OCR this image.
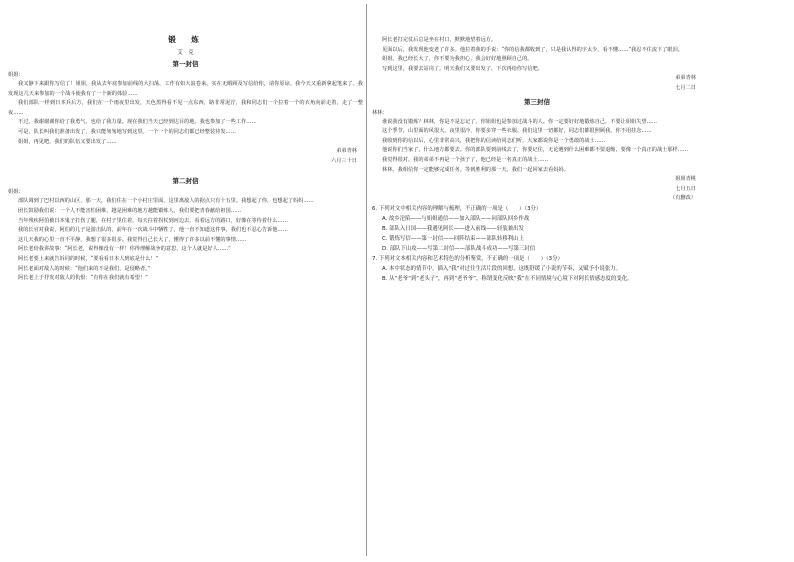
锻　炼
艾　克
第一封信
姐姐：

我又静下来跟你写信了！姐姐，我从去年底参加前线的大扫荡，工作有如大浪卷来，实在无暇顾及写信给你，请你原谅。我今天又重新拿起笔来了。我发现这几天来参加的一个战斗使我有了一个新的体验……

我们部队一样到日本兵后方，我们在一个雨夜里出发，天色黑得看不见一点东西，路非常泥泞，我和同志们一个拉着一个的衣角向前走着，走了一整夜……

不过，我谢谢谢你给了我勇气，也给了我力量。现在我们当天已经到达目的地，我也参加了一些工作……

可是，队长叫我们准备出发了，我只能匆匆地写到这里。一个一个的同志们都已经整装待发……

姐姐，再见吧，我们的队伍又要出发了……

弟弟青林
六月三十日
第二封信
姐姐：

部队调到了巴村以西的山区，那一天，我们住在一个小村庄里面，这里离敌人的据点只有十五里。我想起了你，也想起了妈妈……

团长鼓励我们说：一个人不能害怕困难，越是困难的地方越能锻炼人，我们要把青春献给祖国……

当年残疾阿伯被日本鬼子打伤了腿，在村子里住着，每天拄着拐杖到河边去，看着远方的路口，好像在等待着什么……

我的长官对我说，阿伯的儿子是游击队的，前年在一次战斗中牺牲了，他一直不知道这件事，我们也不忍心告诉他……

这几天我的心里一直不平静，我想了很多很多。我觉得自己长大了，懂得了许多以前不懂的事情……

阿长老给我讲故事：“阿长老，说得像没有一样！你得理解战争的意思，这个人就是好人……”

阿长老要上来就告诉同的时候，“要看看日本人到底是什么！”

阿长老面对敌人的时候：“他们来的不是我们，是侵略者。”

阿长老上于抒发对敌人的仇恨：“有你在我们就有希望！”

阿长老打完仗后总是坐在村口，默默地望着远方。

见面以后，我发现他变老了许多。他拉着我的手说：“你的信我都收到了，只是我认得的字太少，看不懂……”我忍不住流下了眼泪。

姐姐，我已经长大了，你不要为我担心。我会好好地照顾自己的。

写到这里，我要去站岗了。明天我们又要出发了，下次再给你写信吧。

弟弟青林
七月二日
第三封信
林林：

谁说我没有锻炼？林林，你是不是忘记了，你姐姐也是参加过战斗的人。你一定要好好地锻炼自己，不要让姐姐失望……

这个季节，山里面的风很大，夜里很冷，你要多穿一些衣服。我们这里一切都好，同志们都很照顾我，你不用挂念……

我收到你的信以后，心里非常高兴，我把你的信读给同志们听，大家都说你是一个勇敢的战士……

他说你们当家了，什么地方都要去。你的部队要到前线去了，你要记住，无论遇到什么困难都不要退缩，要像一个真正的战士那样……

我觉得很对，我的弟弟不再是一个孩子了，他已经是一名真正的战士……

林林，我相信你一定能够完成任务。等到胜利的那一天，我们一起回家去看妈妈。

姐姐青桃
七月五日
（有删改）

6. 下列对文中相关内容的理解与梳理，不正确的一项是（　　）（3分）

A. 故乡沦陷——与姐姐通信——加入部队——同部队回乡作战

B. 部队入日国——我遇见阿长——进入前线——轻装兼出发

C. 锻炼写信——第一封信——回阵结束——部队转移利山上

D. 部队下山攻——写第二封信——部队战斗成功——写第三封信

7. 下列对文本相关内容和艺术特色的分析鉴赏，不正确的一项是（　　）（3分）

A. 本中状态的情节中，插入“我”对过往生活片段的回想，这既舒缓了小说的节奏，又赋予小说张力。

B. 从“老爷”到“老头子”，再到“老爷爷”，称谓变化反映“我”在不同情境与心境下对阿长情感态度的变化。
